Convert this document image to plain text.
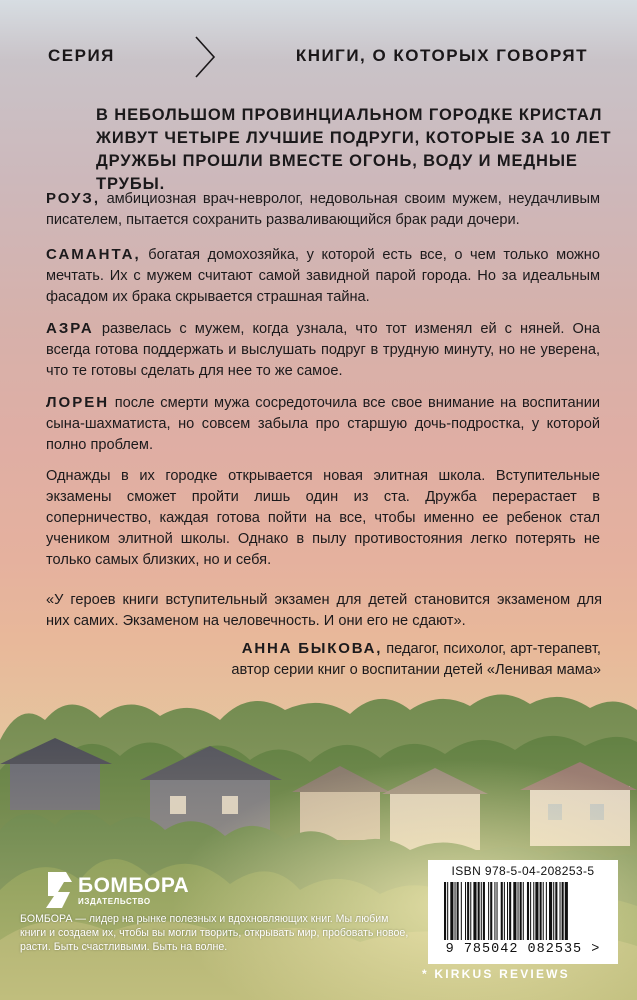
СЕРИЯ	КНИГИ, О КОТОРЫХ ГОВОРЯТ
В НЕБОЛЬШОМ ПРОВИНЦИАЛЬНОМ ГОРОДКЕ КРИСТАЛ ЖИВУТ ЧЕТЫРЕ ЛУЧШИЕ ПОДРУГИ, КОТОРЫЕ ЗА 10 ЛЕТ ДРУЖБЫ ПРОШЛИ ВМЕСТЕ ОГОНЬ, ВОДУ И МЕДНЫЕ ТРУБЫ.
РОУЗ, амбициозная врач-невролог, недовольная своим мужем, неудачливым писателем, пытается сохранить разваливающийся брак ради дочери.
САМАНТА, богатая домохозяйка, у которой есть все, о чем только можно мечтать. Их с мужем считают самой завидной парой города. Но за идеальным фасадом их брака скрывается страшная тайна.
АЗРА развелась с мужем, когда узнала, что тот изменял ей с няней. Она всегда готова поддержать и выслушать подруг в трудную минуту, но не уверена, что те готовы сделать для нее то же самое.
ЛОРЕН после смерти мужа сосредоточила все свое внимание на воспитании сына-шахматиста, но совсем забыла про старшую дочь-подростка, у которой полно проблем.
Однажды в их городке открывается новая элитная школа. Вступительные экзамены сможет пройти лишь один из ста. Дружба перерастает в соперничество, каждая готова пойти на все, чтобы именно ее ребенок стал учеником элитной школы. Однако в пылу противостояния легко потерять не только самых близких, но и себя.
«У героев книги вступительный экзамен для детей становится экзаменом для них самих. Экзаменом на человечность. И они его не сдают».
АННА БЫКОВА, педагог, психолог, арт-терапевт,
автор серии книг о воспитании детей «Ленивая мама»
БОМБОРА
ИЗДАТЕЛЬСТВО
БОМБОРА — лидер на рынке полезных и вдохновляющих книг. Мы любим книги и создаем их, чтобы вы могли творить, открывать мир, пробовать новое, расти. Быть счастливыми. Быть на волне.
ISBN 978-5-04-208253-5
9 785042 082535 >
* KIRKUS REVIEWS
